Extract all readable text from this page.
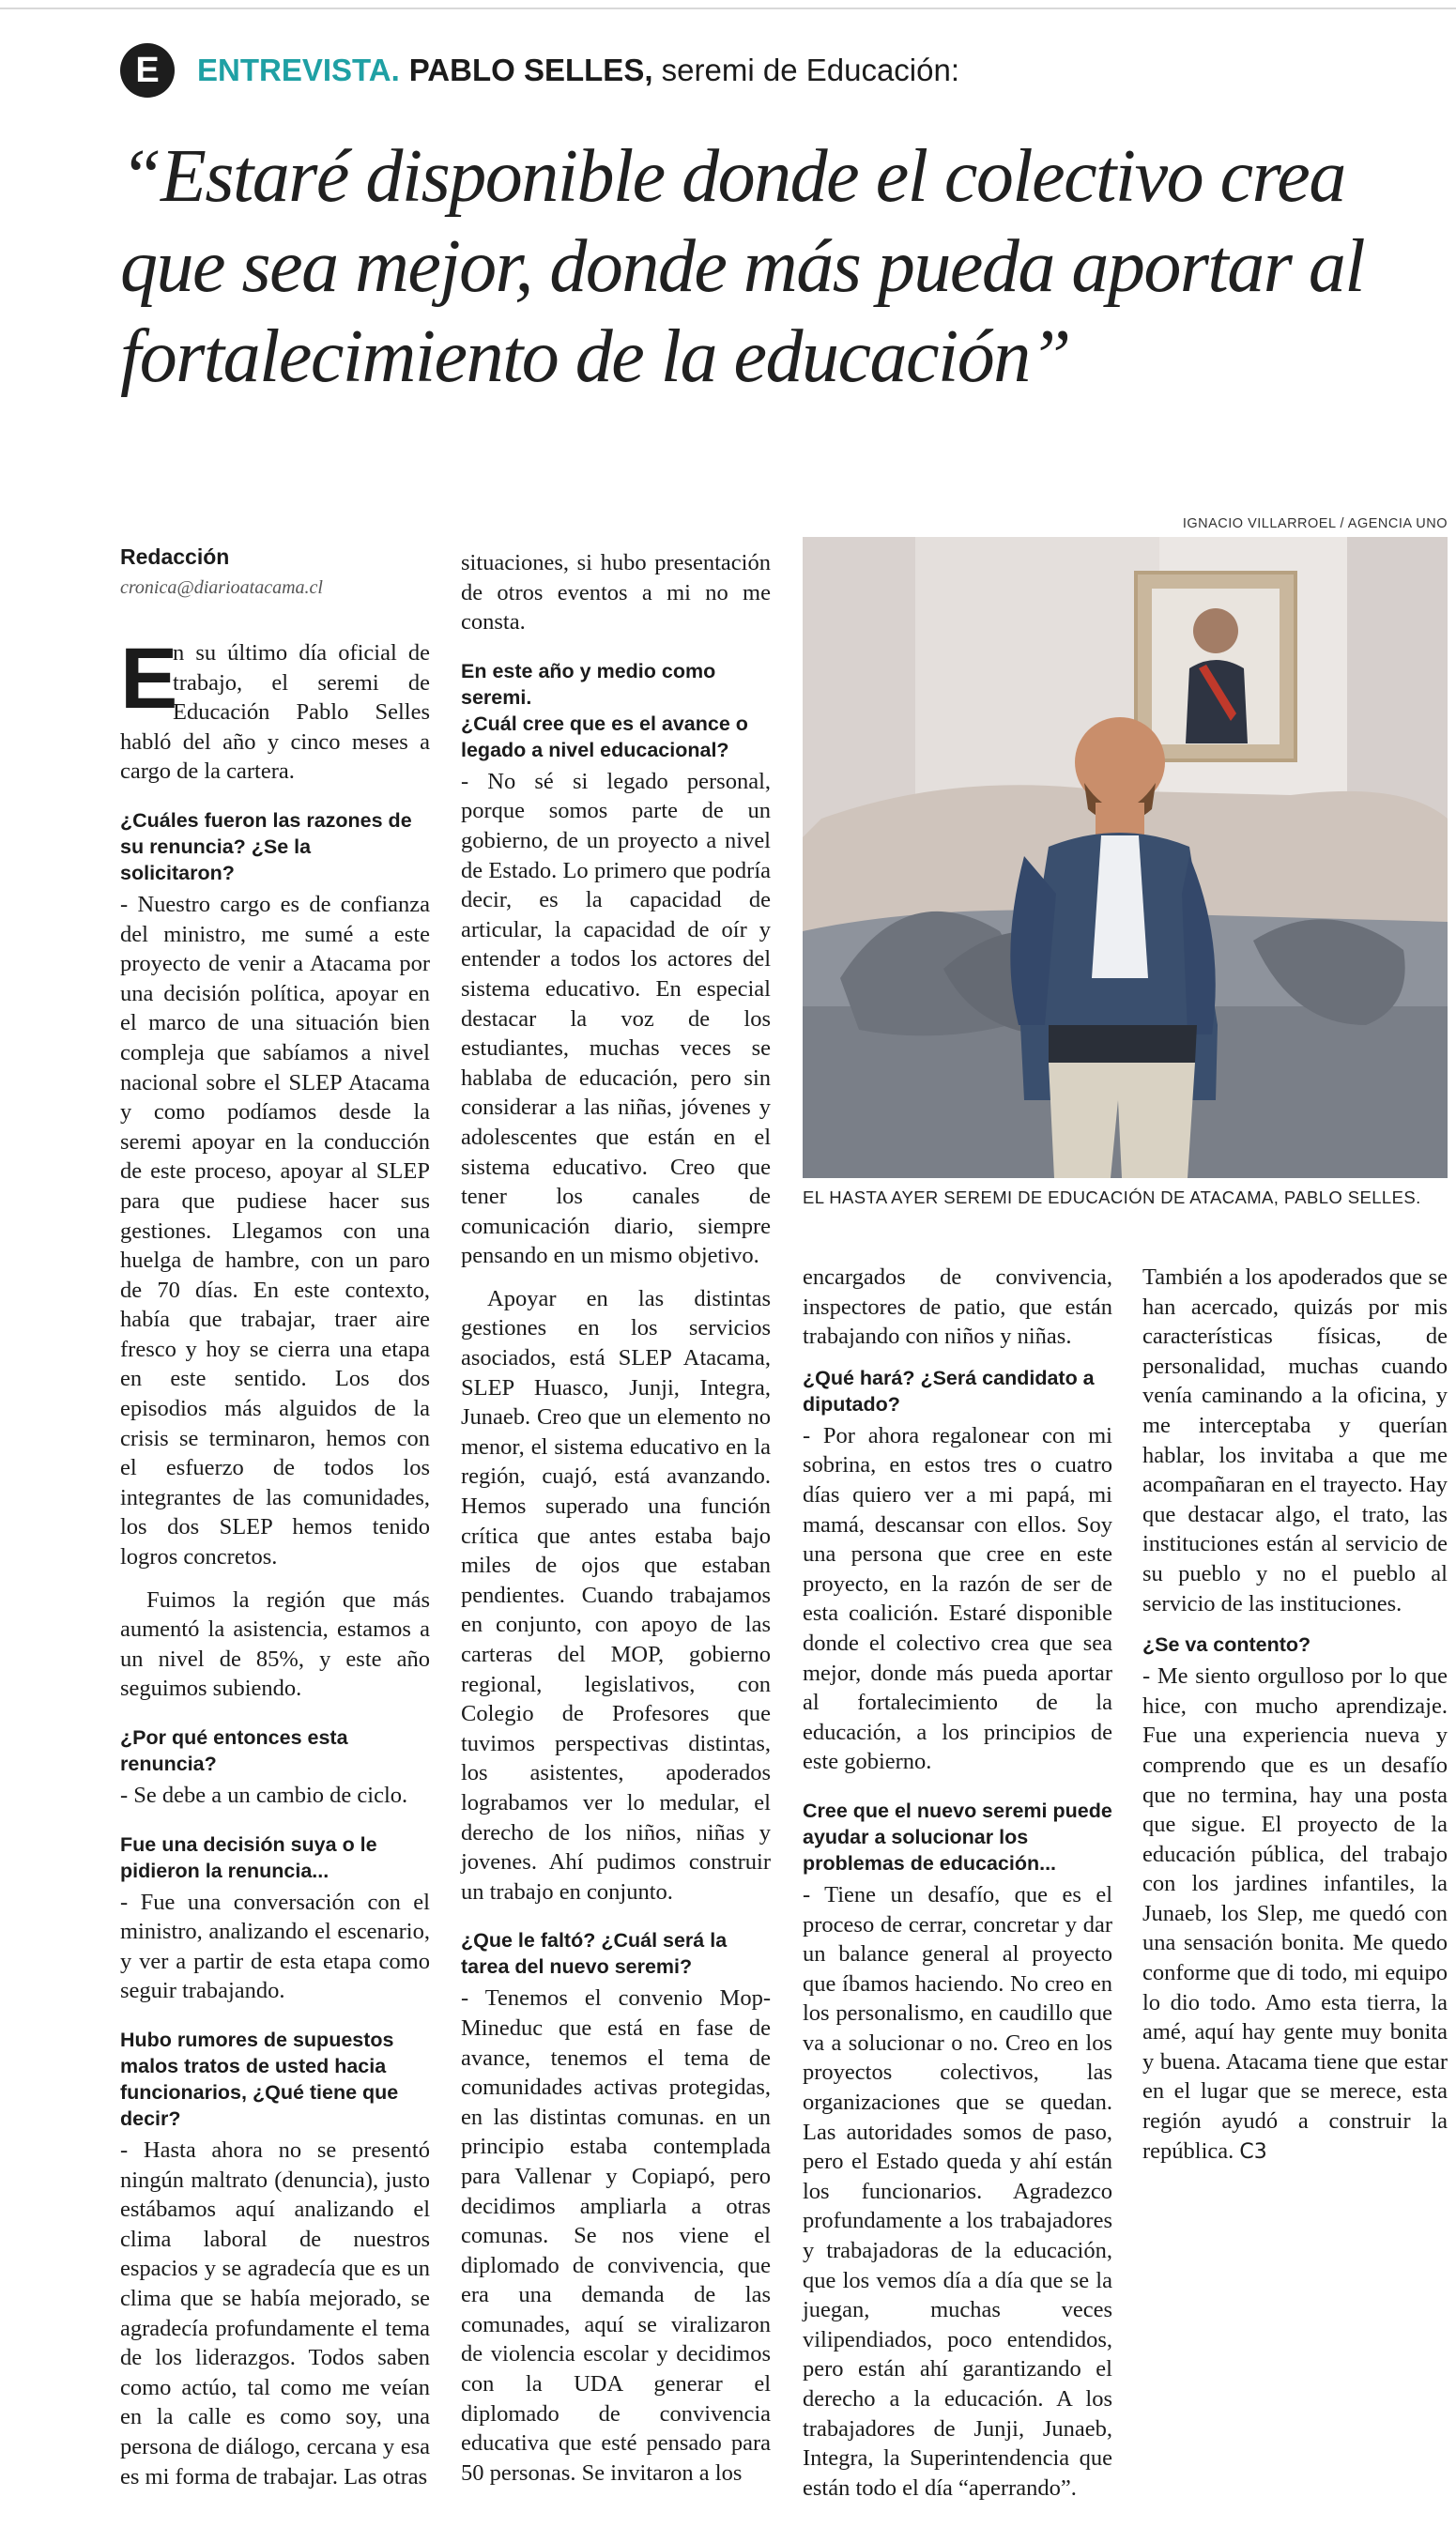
E	ENTREVISTA. PABLO SELLES, seremi de Educación:
“Estaré disponible donde el colectivo crea que sea mejor, donde más pueda aportar al fortalecimiento de la educación”
Redacción
cronica@diarioatacama.cl

E
n su último día oficial de trabajo, el seremi de Educación Pablo Selles habló del año y cinco meses a cargo de la cartera.

¿Cuáles fueron las razones de su renuncia? ¿Se la solicitaron?

- Nuestro cargo es de confianza del ministro, me sumé a este proyecto de venir a Atacama por una decisión política, apoyar en el marco de una situación bien compleja que sabíamos a nivel nacional sobre el SLEP Atacama y como podíamos desde la seremi apoyar en la conducción de este proceso, apoyar al SLEP para que pudiese hacer sus gestiones. Llegamos con una huelga de hambre, con un paro de 70 días. En este contexto, había que trabajar, traer aire fresco y hoy se cierra una etapa en este sentido. Los dos episodios más alguidos de la crisis se terminaron, hemos con el esfuerzo de todos los integrantes de las comunidades, los dos SLEP hemos tenido logros concretos.

Fuimos la región que más aumentó la asistencia, estamos a un nivel de 85%, y este año seguimos subiendo.

¿Por qué entonces esta renuncia?

- Se debe a un cambio de ciclo.

Fue una decisión suya o le pidieron la renuncia...

- Fue una conversación con el ministro, analizando el escenario, y ver a partir de esta etapa como seguir trabajando.

Hubo rumores de supuestos malos tratos de usted hacia funcionarios, ¿Qué tiene que decir?

- Hasta ahora no se presentó ningún maltrato (denuncia), justo estábamos aquí analizando el clima laboral de nuestros espacios y se agradecía que es un clima que se había mejorado, se agradecía profundamente el tema de los liderazgos. Todos saben como actúo, tal como me veían en la calle es como soy, una persona de diálogo, cercana y esa es mi forma de trabajar. Las otras

situaciones, si hubo presentación de otros eventos a mi no me consta.

En este año y medio como seremi.

¿Cuál cree que es el avance o legado a nivel educacional?

- No sé si legado personal, porque somos parte de un gobierno, de un proyecto a nivel de Estado. Lo primero que podría decir, es la capacidad de articular, la capacidad de oír y entender a todos los actores del sistema educativo. En especial destacar la voz de los estudiantes, muchas veces se hablaba de educación, pero sin considerar a las niñas, jóvenes y adolescentes que están en el sistema educativo. Creo que tener los canales de comunicación diario, siempre pensando en un mismo objetivo.

Apoyar en las distintas gestiones en los servicios asociados, está SLEP Atacama, SLEP Huasco, Junji, Integra, Junaeb. Creo que un elemento no menor, el sistema educativo en la región, cuajó, está avanzando. Hemos superado una función crítica que antes estaba bajo miles de ojos que estaban pendientes. Cuando trabajamos en conjunto, con apoyo de las carteras del MOP, gobierno regional, legislativos, con Colegio de Profesores que tuvimos perspectivas distintas, los asistentes, apoderados lograbamos ver lo medular, el derecho de los niños, niñas y jovenes. Ahí pudimos construir un trabajo en conjunto.

¿Que le faltó? ¿Cuál será la tarea del nuevo seremi?

- Tenemos el convenio Mop-Mineduc que está en fase de avance, tenemos el tema de comunidades activas protegidas, en las distintas comunas. en un principio estaba contemplada para Vallenar y Copiapó, pero decidimos ampliarla a otras comunas. Se nos viene el diplomado de convivencia, que era una demanda de las comunades, aquí se viralizaron de violencia escolar y decidimos con la UDA generar el diplomado de convivencia educativa que esté pensado para 50 personas. Se invitaron a los

IGNACIO VILLARROEL / AGENCIA UNO
EL HASTA AYER SEREMI DE EDUCACIÓN DE ATACAMA, PABLO SELLES.

encargados de convivencia, inspectores de patio, que están trabajando con niños y niñas.

¿Qué hará? ¿Será candidato a diputado?

- Por ahora regalonear con mi sobrina, en estos tres o cuatro días quiero ver a mi papá, mi mamá, descansar con ellos. Soy una persona que cree en este proyecto, en la razón de ser de esta coalición. Estaré disponible donde el colectivo crea que sea mejor, donde más pueda aportar al fortalecimiento de la educación, a los principios de este gobierno.

Cree que el nuevo seremi puede ayudar a solucionar los problemas de educación...

- Tiene un desafío, que es el proceso de cerrar, concretar y dar un balance general al proyecto que íbamos haciendo. No creo en los personalismo, en caudillo que va a solucionar o no. Creo en los proyectos colectivos, las organizaciones que se quedan. Las autoridades somos de paso, pero el Estado queda y ahí están los funcionarios. Agradezco profundamente a los trabajadores y trabajadoras de la educación, que los vemos día a día que se la juegan, muchas veces vilipendiados, poco entendidos, pero están ahí garantizando el derecho a la educación. A los trabajadores de Junji, Junaeb, Integra, la Superintendencia que están todo el día “aperrando”.

También a los apoderados que se han acercado, quizás por mis características físicas, de personalidad, muchas cuando venía caminando a la oficina, y me interceptaba y querían hablar, los invitaba a que me acompañaran en el trayecto. Hay que destacar algo, el trato, las instituciones están al servicio de su pueblo y no el pueblo al servicio de las instituciones.

¿Se va contento?

- Me siento orgulloso por lo que hice, con mucho aprendizaje. Fue una experiencia nueva y comprendo que es un desafío que no termina, hay una posta que sigue. El proyecto de la educación pública, del trabajo con los jardines infantiles, la Junaeb, los Slep, me quedó con una sensación bonita. Me quedo conforme que di todo, mi equipo lo dio todo. Amo esta tierra, la amé, aquí hay gente muy bonita y buena. Atacama tiene que estar en el lugar que se merece, esta región ayudó a construir la república. C3
